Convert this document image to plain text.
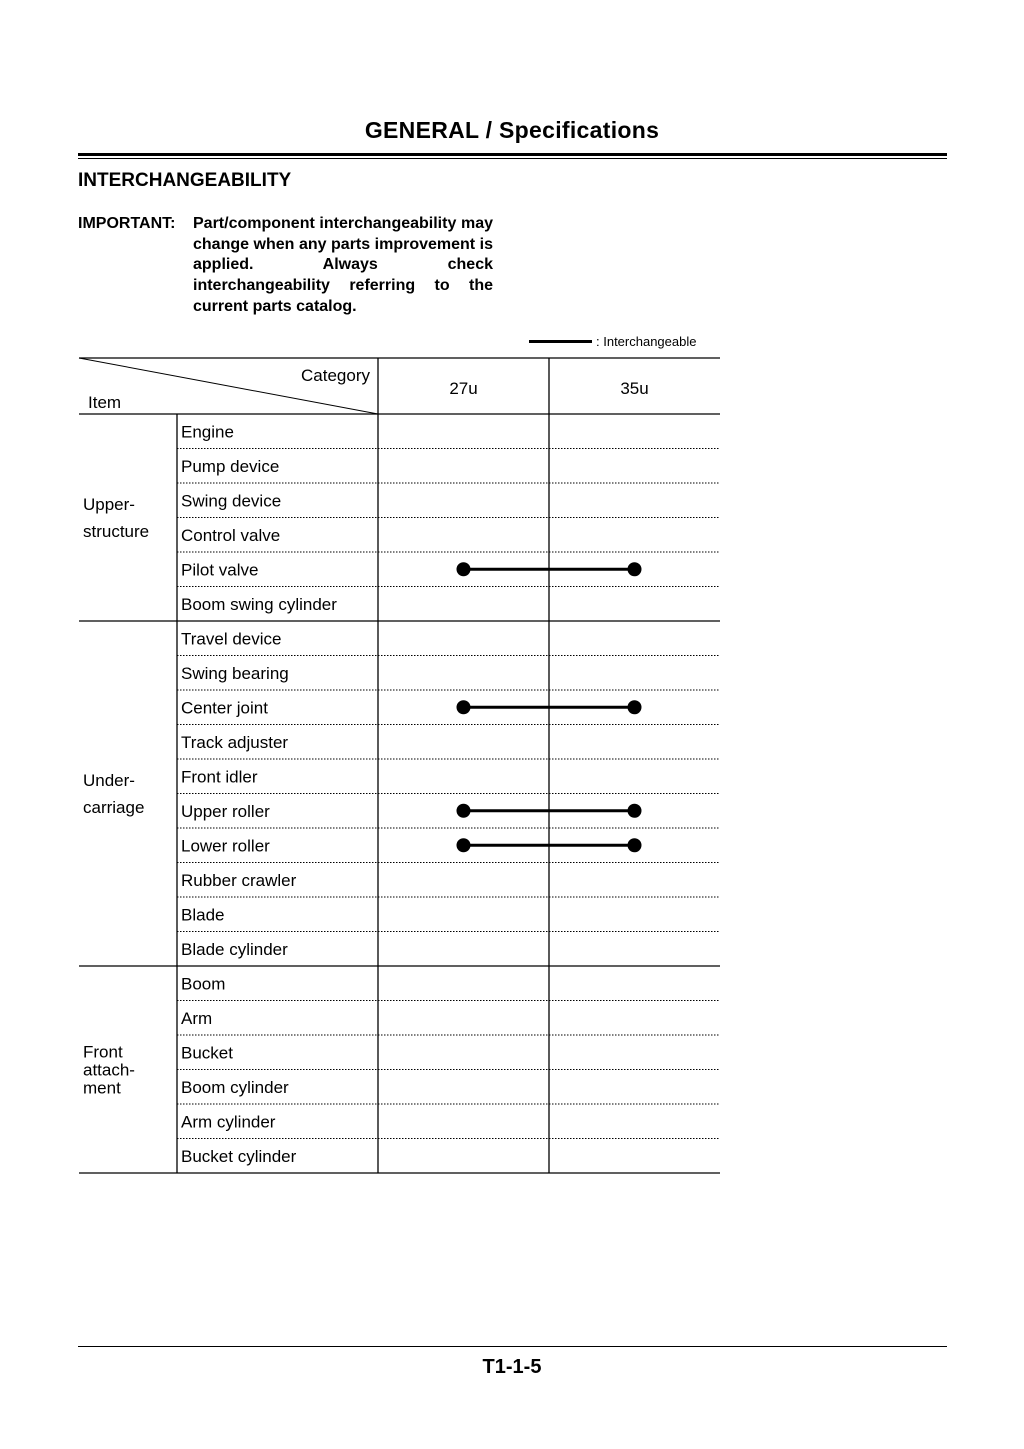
GENERAL / Specifications
INTERCHANGEABILITY
IMPORTANT: Part/component interchangeability may change when any parts improvement is applied. Always check interchangeability referring to the current parts catalog.
: Interchangeable
Category
Item
27u	35u
Engine
Pump device
Swing device
Control valve
Pilot valve
Boom swing cylinder
Upper-
structure
Travel device
Swing bearing
Center joint
Track adjuster
Front idler
Upper roller
Lower roller
Rubber crawler
Blade
Blade cylinder
Under-
carriage
Boom
Arm
Bucket
Boom cylinder
Arm cylinder
Bucket cylinder
Front
attach-
ment
T1-1-5
